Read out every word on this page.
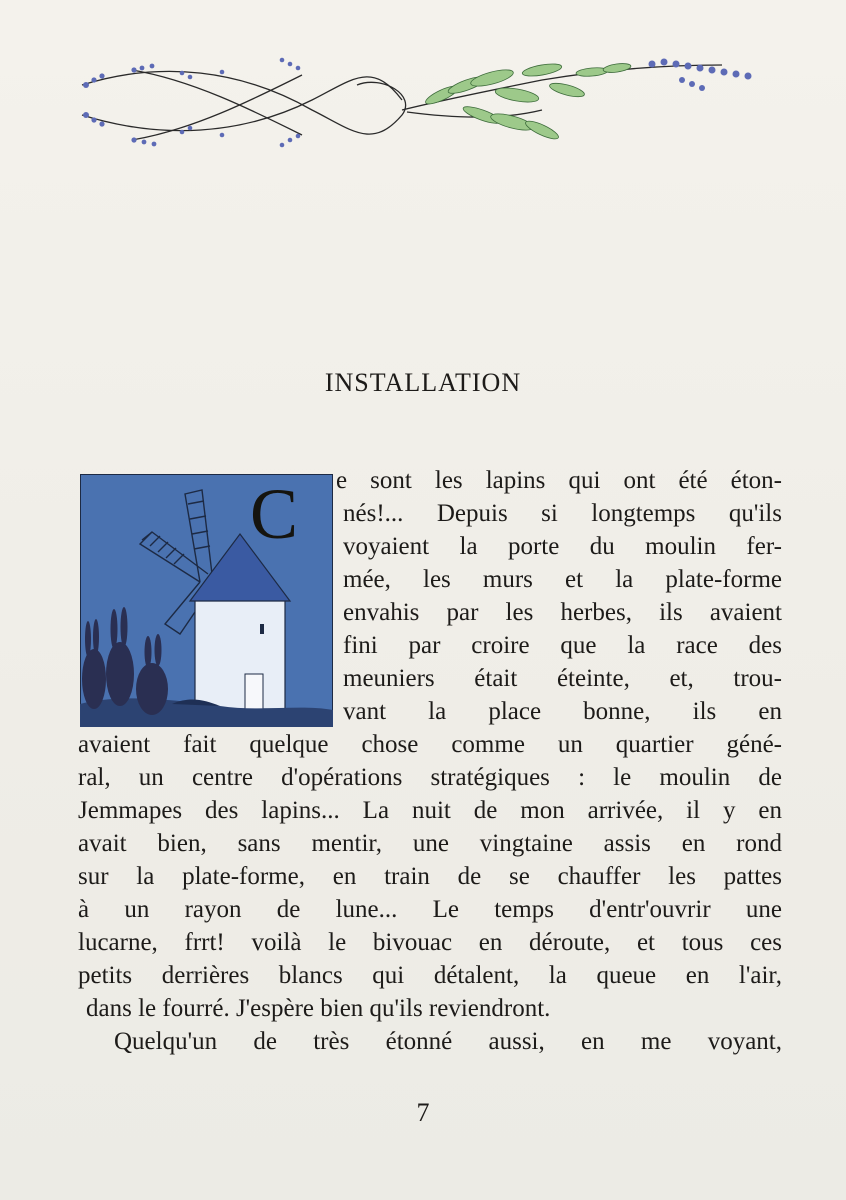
INSTALLATION
C e sont les lapins qui ont été éton-
nés!... Depuis si longtemps qu'ils
voyaient la porte du moulin fer-
mée, les murs et la plate-forme
envahis par les herbes, ils avaient
fini par croire que la race des
meuniers était éteinte, et, trou-
vant la place bonne, ils en
avaient fait quelque chose comme un quartier géné-
ral, un centre d'opérations stratégiques : le moulin de
Jemmapes des lapins... La nuit de mon arrivée, il y en
avait bien, sans mentir, une vingtaine assis en rond
sur la plate-forme, en train de se chauffer les pattes
à un rayon de lune... Le temps d'entr'ouvrir une
lucarne, frrt! voilà le bivouac en déroute, et tous ces
petits derrières blancs qui détalent, la queue en l'air,
dans le fourré. J'espère bien qu'ils reviendront.
Quelqu'un de très étonné aussi, en me voyant,
7
